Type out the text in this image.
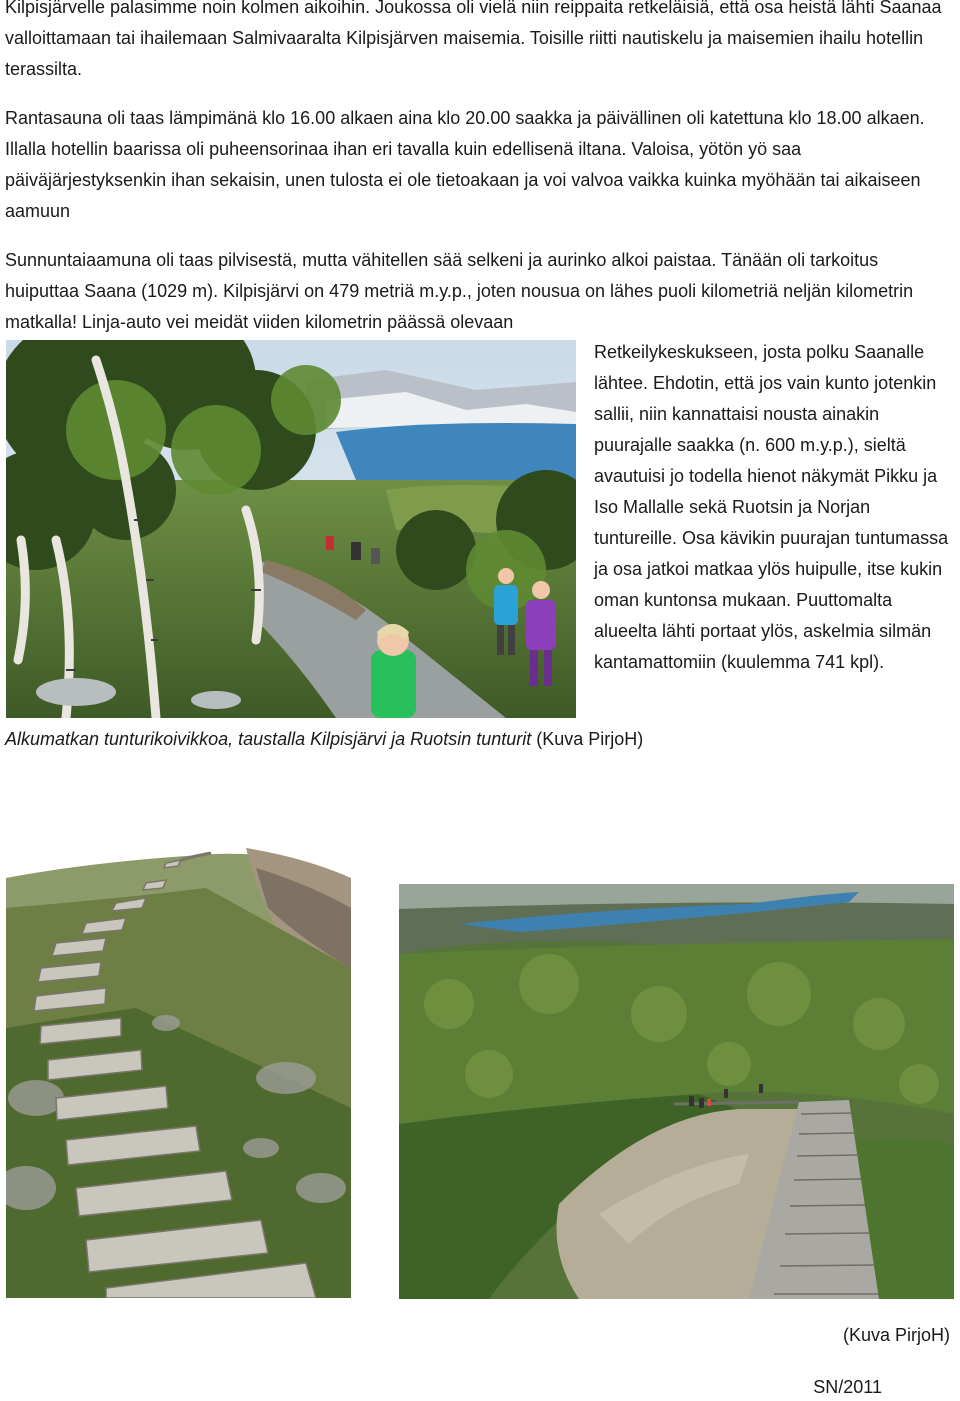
Kilpisjärvelle palasimme noin kolmen aikoihin. Joukossa oli vielä niin reippaita retkeläisiä, että osa heistä lähti Saanaa valloittamaan tai ihailemaan Salmivaaralta Kilpisjärven maisemia. Toisille riitti nautiskelu ja maisemien ihailu hotellin terassilta.

Rantasauna oli taas lämpimänä klo 16.00 alkaen aina klo 20.00 saakka ja päivällinen oli katettuna klo 18.00 alkaen. Illalla hotellin baarissa oli puheensorinaa ihan eri tavalla kuin edellisenä iltana. Valoisa, yötön yö saa päiväjärjestyksenkin ihan sekaisin, unen tulosta ei ole tietoakaan ja voi valvoa vaikka kuinka myöhään tai aikaiseen aamuun

Sunnuntaiaamuna oli taas pilvisestä, mutta vähitellen sää selkeni ja aurinko alkoi paistaa. Tänään oli tarkoitus huiputtaa Saana (1029 m). Kilpisjärvi on 479 metriä m.y.p., joten nousua on lähes puoli kilometriä neljän kilometrin matkalla! Linja-auto vei meidät viiden kilometrin päässä olevaan

Retkeilykeskukseen, josta polku Saanalle lähtee. Ehdotin, että jos vain kunto jotenkin sallii, niin kannattaisi nousta ainakin puurajalle saakka (n. 600 m.y.p.), sieltä avautuisi jo todella hienot näkymät Pikku ja Iso Mallalle sekä Ruotsin ja Norjan tuntureille. Osa kävikin puurajan tuntumassa ja osa jatkoi matkaa ylös huipulle, itse kukin oman kuntonsa mukaan. Puuttomalta alueelta lähti portaat ylös, askelmia silmän kantamattomiin (kuulemma 741 kpl).

Alkumatkan tunturikoivikkoa, taustalla Kilpisjärvi ja Ruotsin tunturit (Kuva PirjoH)
(Kuva PirjoH)
SN/2011
